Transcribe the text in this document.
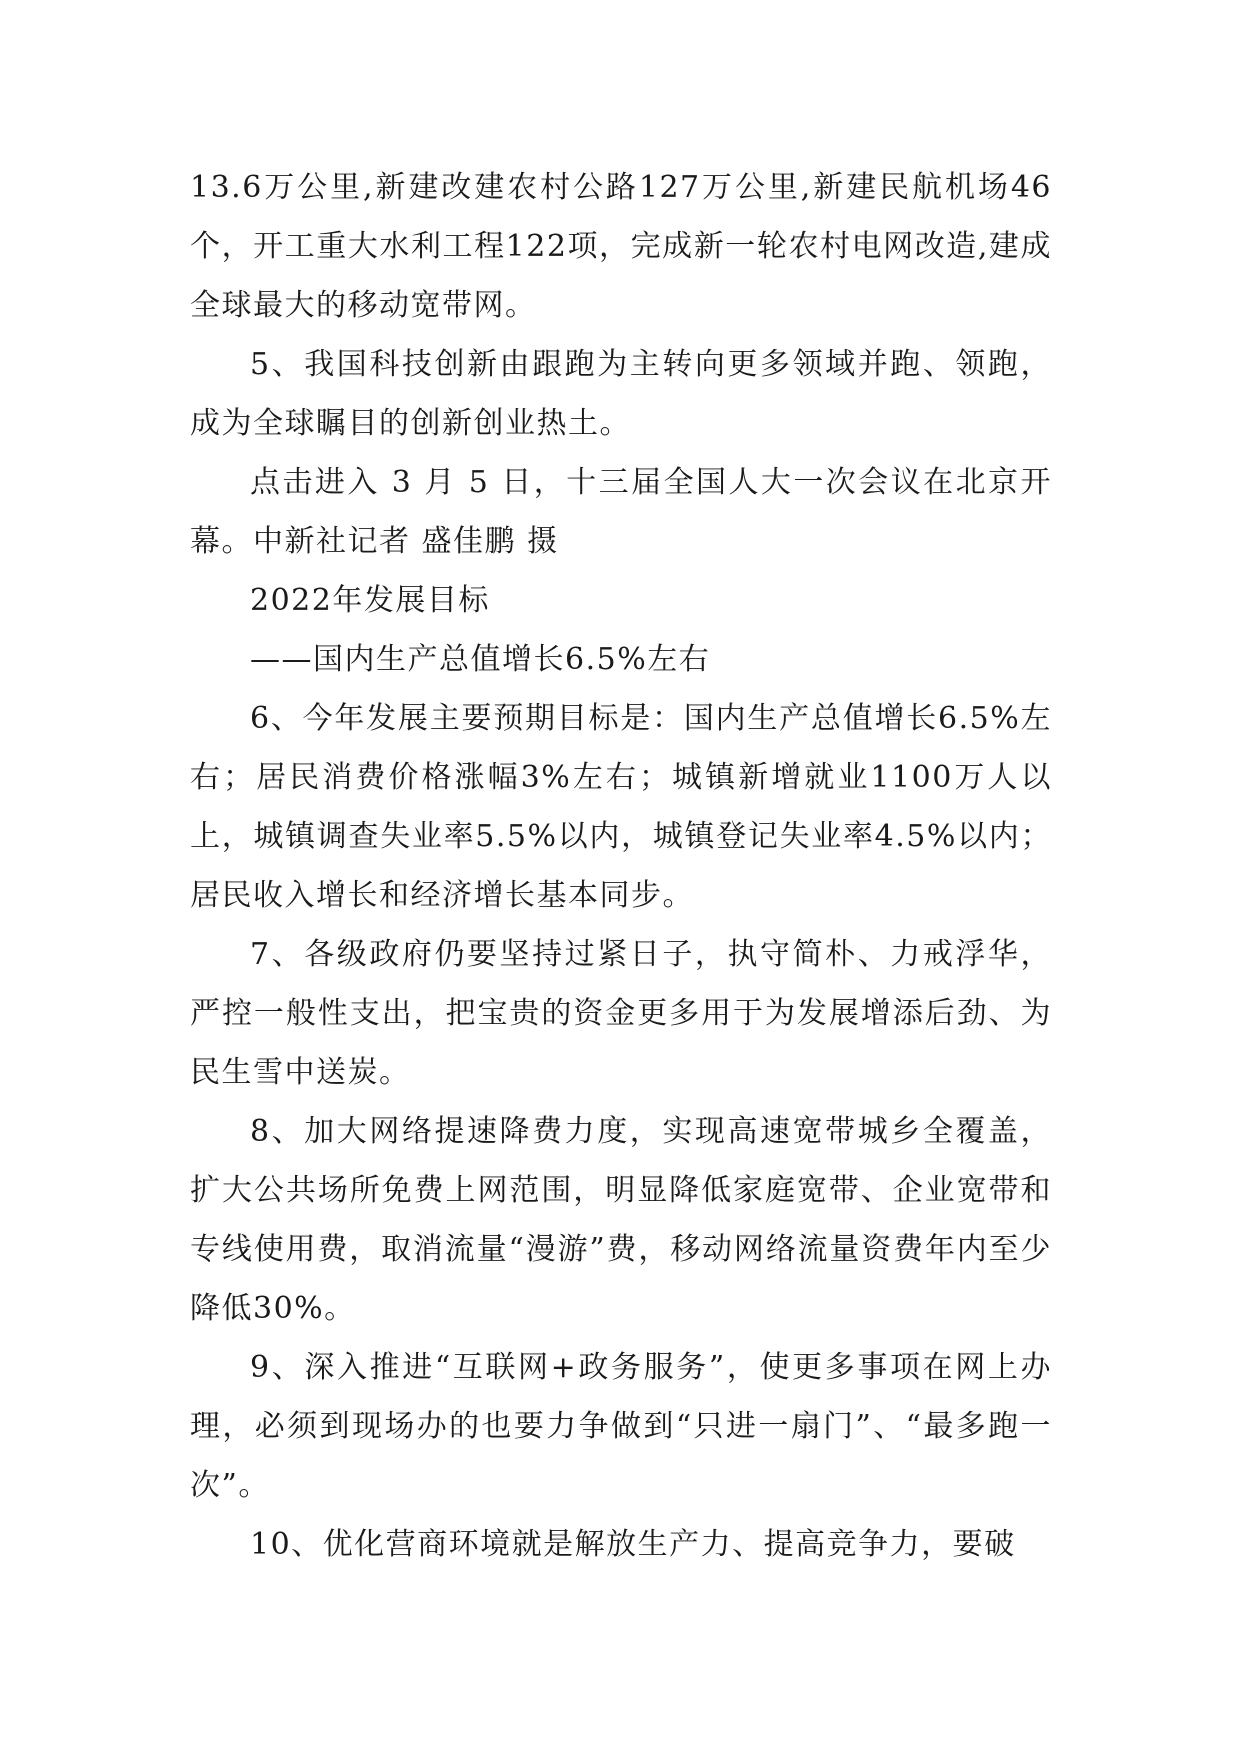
13.6万公里,新建改建农村公路127万公里,新建民航机场46个，开工重大水利工程122项，完成新一轮农村电网改造,建成全球最大的移动宽带网。

5、我国科技创新由跟跑为主转向更多领域并跑、领跑，成为全球瞩目的创新创业热土。

点击进入 3 月 5 日，十三届全国人大一次会议在北京开幕。中新社记者 盛佳鹏 摄

2022年发展目标

——国内生产总值增长6.5%左右

6、今年发展主要预期目标是：国内生产总值增长6.5%左右；居民消费价格涨幅3%左右；城镇新增就业1100万人以上，城镇调查失业率5.5%以内，城镇登记失业率4.5%以内；居民收入增长和经济增长基本同步。

7、各级政府仍要坚持过紧日子，执守简朴、力戒浮华，严控一般性支出，把宝贵的资金更多用于为发展增添后劲、为民生雪中送炭。

8、加大网络提速降费力度，实现高速宽带城乡全覆盖，扩大公共场所免费上网范围，明显降低家庭宽带、企业宽带和专线使用费，取消流量“漫游”费，移动网络流量资费年内至少降低30%。

9、深入推进“互联网+政务服务”，使更多事项在网上办理，必须到现场办的也要力争做到“只进一扇门”、“最多跑一次”。

10、优化营商环境就是解放生产力、提高竞争力，要破
